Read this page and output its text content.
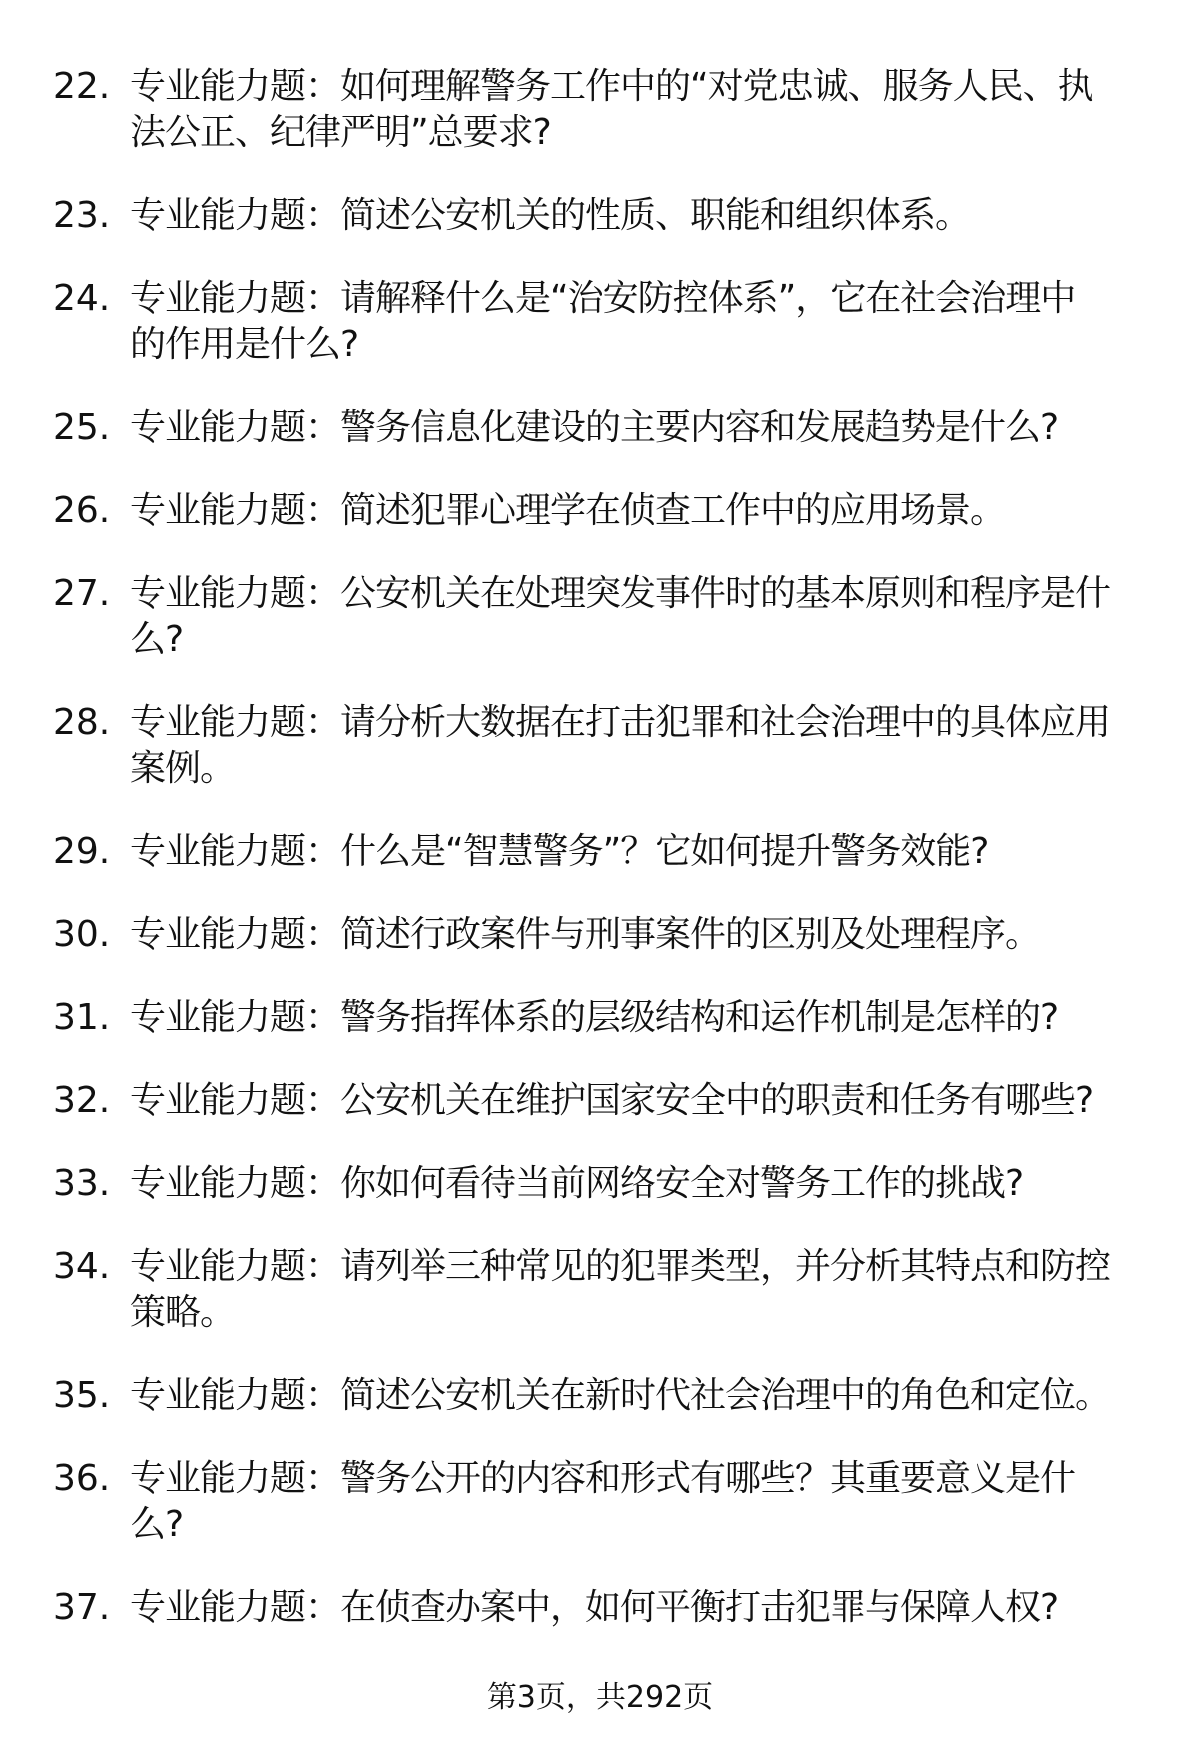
22. 专业能力题：如何理解警务工作中的“对党忠诚、服务人民、执
法公正、纪律严明”总要求?
23. 专业能力题：简述公安机关的性质、职能和组织体系。
24. 专业能力题：请解释什么是“治安防控体系”，它在社会治理中
的作用是什么?
25. 专业能力题：警务信息化建设的主要内容和发展趋势是什么?
26. 专业能力题：简述犯罪心理学在侦查工作中的应用场景。
27. 专业能力题：公安机关在处理突发事件时的基本原则和程序是什
么?
28. 专业能力题：请分析大数据在打击犯罪和社会治理中的具体应用
案例。
29. 专业能力题：什么是“智慧警务”？它如何提升警务效能?
30. 专业能力题：简述行政案件与刑事案件的区别及处理程序。
31. 专业能力题：警务指挥体系的层级结构和运作机制是怎样的?
32. 专业能力题：公安机关在维护国家安全中的职责和任务有哪些?
33. 专业能力题：你如何看待当前网络安全对警务工作的挑战?
34. 专业能力题：请列举三种常见的犯罪类型，并分析其特点和防控
策略。
35. 专业能力题：简述公安机关在新时代社会治理中的角色和定位。
36. 专业能力题：警务公开的内容和形式有哪些？其重要意义是什
么?
37. 专业能力题：在侦查办案中，如何平衡打击犯罪与保障人权?
第3页，共292页
